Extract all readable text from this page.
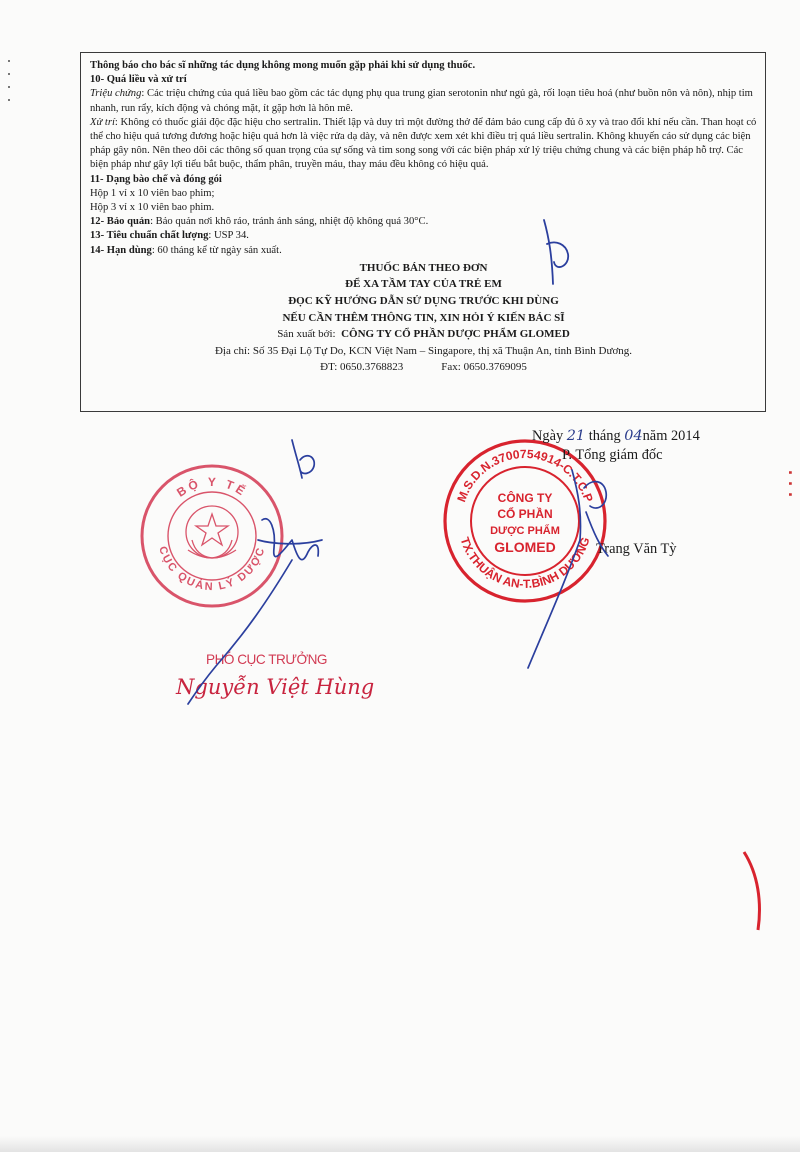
Thông báo cho bác sĩ những tác dụng không mong muốn gặp phải khi sử dụng thuốc.

10- Quá liều và xử trí

Triệu chứng: Các triệu chứng của quá liều bao gồm các tác dụng phụ qua trung gian serotonin như ngủ gà, rối loạn tiêu hoá (như buồn nôn và nôn), nhịp tim nhanh, run rẩy, kích động và chóng mặt, ít gặp hơn là hôn mê.

Xử trí: Không có thuốc giải độc đặc hiệu cho sertralin. Thiết lập và duy trì một đường thở để đảm bảo cung cấp đủ ô xy và trao đổi khí nếu cần. Than hoạt có thể cho hiệu quả tương đương hoặc hiệu quả hơn là việc rửa dạ dày, và nên được xem xét khi điều trị quá liều sertralin. Không khuyến cáo sử dụng các biện pháp gây nôn. Nên theo dõi các thông số quan trọng của sự sống và tim song song với các biện pháp xử lý triệu chứng chung và các biện pháp hỗ trợ. Các biện pháp như gây lợi tiểu bắt buộc, thẩm phân, truyền máu, thay máu đều không có hiệu quả.

11- Dạng bào chế và đóng gói

Hộp 1 vỉ x 10 viên bao phim;

Hộp 3 vỉ x 10 viên bao phim.

12- Bảo quản: Bảo quản nơi khô ráo, tránh ánh sáng, nhiệt độ không quá 30°C.

13- Tiêu chuẩn chất lượng: USP 34.

14- Hạn dùng: 60 tháng kể từ ngày sản xuất.

THUỐC BÁN THEO ĐƠN

ĐỂ XA TẦM TAY CỦA TRẺ EM

ĐỌC KỸ HƯỚNG DẪN SỬ DỤNG TRƯỚC KHI DÙNG

NẾU CẦN THÊM THÔNG TIN, XIN HỎI Ý KIẾN BÁC SĨ

Sản xuất bởi: CÔNG TY CỔ PHẦN DƯỢC PHẨM GLOMED

Địa chỉ: Số 35 Đại Lộ Tự Do, KCN Việt Nam – Singapore, thị xã Thuận An, tỉnh Bình Dương.

ĐT: 0650.3768823	Fax: 0650.3769095

BỘ Y TẾ
CỤC QUẢN LÝ DƯỢC
M.S.D.N.3700754914-C.T.C.P
TX.THUẬN AN-T.BÌNH DƯƠNG
CÔNG TY
CỔ PHẦN
DƯỢC PHẨM
GLOMED
Ngày 21 tháng 04năm 2014
P. Tổng giám đốc
Trang Văn Tỳ
PHÓ CỤC TRƯỞNG
Nguyễn Việt Hùng
· · ·
